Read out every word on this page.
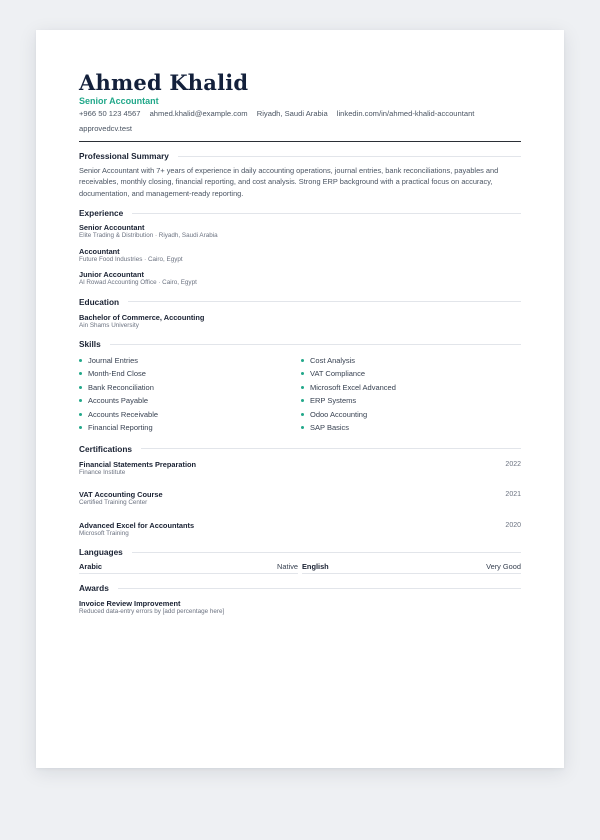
Ahmed Khalid
Senior Accountant
+966 50 123 4567 ahmed.khalid@example.com Riyadh, Saudi Arabia linkedin.com/in/ahmed-khalid-accountant
approvedcv.test
Professional Summary
Senior Accountant with 7+ years of experience in daily accounting operations, journal entries, bank reconciliations, payables and receivables, monthly closing, financial reporting, and cost analysis. Strong ERP background with a practical focus on accuracy, documentation, and management-ready reporting.
Experience
Senior Accountant
Elite Trading & Distribution · Riyadh, Saudi Arabia
Accountant
Future Food Industries · Cairo, Egypt
Junior Accountant
Al Rowad Accounting Office · Cairo, Egypt
Education
Bachelor of Commerce, Accounting
Ain Shams University
Skills
Journal Entries	Cost Analysis
Month-End Close	VAT Compliance
Bank Reconciliation	Microsoft Excel Advanced
Accounts Payable	ERP Systems
Accounts Receivable	Odoo Accounting
Financial Reporting	SAP Basics
Certifications
Financial Statements Preparation
Finance Institute
2022
VAT Accounting Course
Certified Training Center
2021
Advanced Excel for Accountants
Microsoft Training
2020
Languages
Arabic	Native English	Very Good
Awards
Invoice Review Improvement
Reduced data-entry errors by [add percentage here]
